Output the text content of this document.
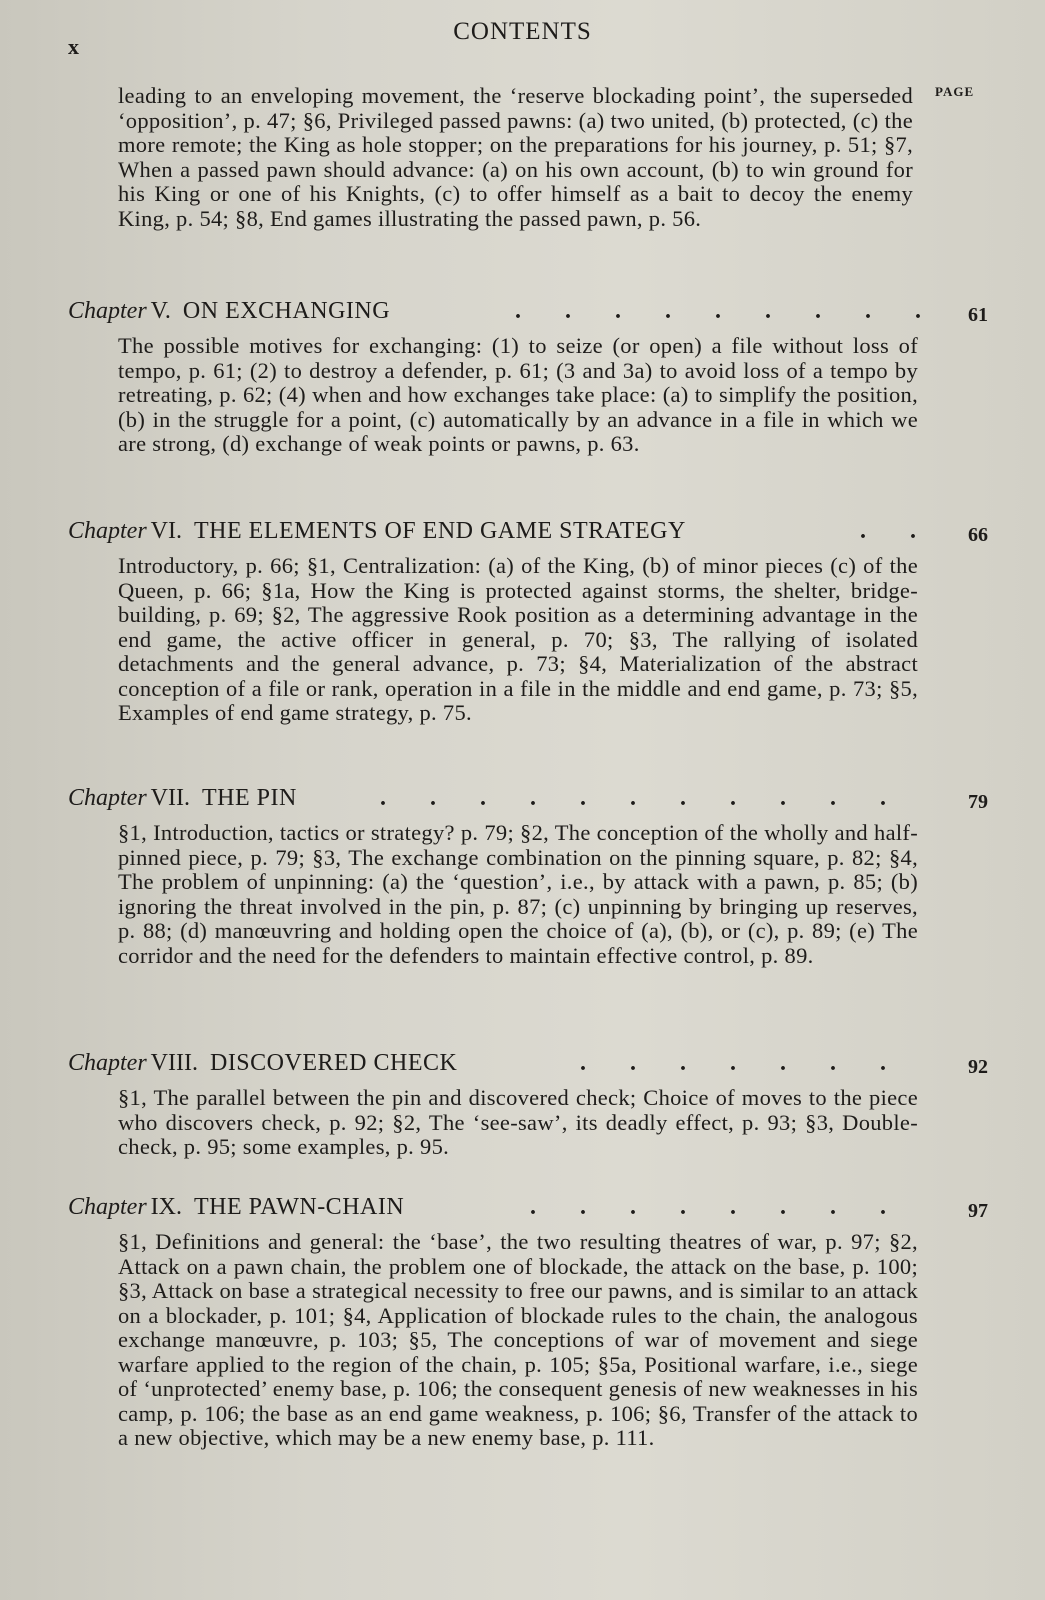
x
CONTENTS
PAGE
leading to an enveloping movement, the ‘reserve blockading point’, the superseded ‘opposition’, p. 47; §6, Privileged passed pawns: (a) two united, (b) protected, (c) the more remote; the King as hole stopper; on the preparations for his journey, p. 51; §7, When a passed pawn should advance: (a) on his own account, (b) to win ground for his King or one of his Knights, (c) to offer himself as a bait to decoy the enemy King, p. 54; §8, End games illustrating the passed pawn, p. 56.
Chapter V. ON EXCHANGING	. . . . . . . . .	61
The possible motives for exchanging: (1) to seize (or open) a file without loss of tempo, p. 61; (2) to destroy a defender, p. 61; (3 and 3a) to avoid loss of a tempo by retreating, p. 62; (4) when and how exchanges take place: (a) to simplify the position, (b) in the struggle for a point, (c) automatically by an advance in a file in which we are strong, (d) exchange of weak points or pawns, p. 63.
Chapter VI. THE ELEMENTS OF END GAME STRATEGY	. .	66
Introductory, p. 66; §1, Centralization: (a) of the King, (b) of minor pieces (c) of the Queen, p. 66; §1a, How the King is protected against storms, the shelter, bridge-building, p. 69; §2, The aggressive Rook position as a determining advantage in the end game, the active officer in general, p. 70; §3, The rallying of isolated detachments and the general advance, p. 73; §4, Materialization of the abstract conception of a file or rank, operation in a file in the middle and end game, p. 73; §5, Examples of end game strategy, p. 75.
Chapter VII. THE PIN	. . . . . . . . . . .	79
§1, Introduction, tactics or strategy? p. 79; §2, The conception of the wholly and half-pinned piece, p. 79; §3, The exchange combination on the pinning square, p. 82; §4, The problem of unpinning: (a) the ‘question’, i.e., by attack with a pawn, p. 85; (b) ignoring the threat involved in the pin, p. 87; (c) unpinning by bringing up reserves, p. 88; (d) manœuvring and holding open the choice of (a), (b), or (c), p. 89; (e) The corridor and the need for the defenders to maintain effective control, p. 89.
Chapter VIII. DISCOVERED CHECK	. . . . . . .	92
§1, The parallel between the pin and discovered check; Choice of moves to the piece who discovers check, p. 92; §2, The ‘see-saw’, its deadly effect, p. 93; §3, Double-check, p. 95; some examples, p. 95.
Chapter IX. THE PAWN-CHAIN	. . . . . . . .	97
§1, Definitions and general: the ‘base’, the two resulting theatres of war, p. 97; §2, Attack on a pawn chain, the problem one of blockade, the attack on the base, p. 100; §3, Attack on base a strategical necessity to free our pawns, and is similar to an attack on a blockader, p. 101; §4, Application of blockade rules to the chain, the analogous exchange manœuvre, p. 103; §5, The conceptions of war of movement and siege warfare applied to the region of the chain, p. 105; §5a, Positional warfare, i.e., siege of ‘unprotected’ enemy base, p. 106; the consequent genesis of new weaknesses in his camp, p. 106; the base as an end game weakness, p. 106; §6, Transfer of the attack to a new objective, which may be a new enemy base, p. 111.
